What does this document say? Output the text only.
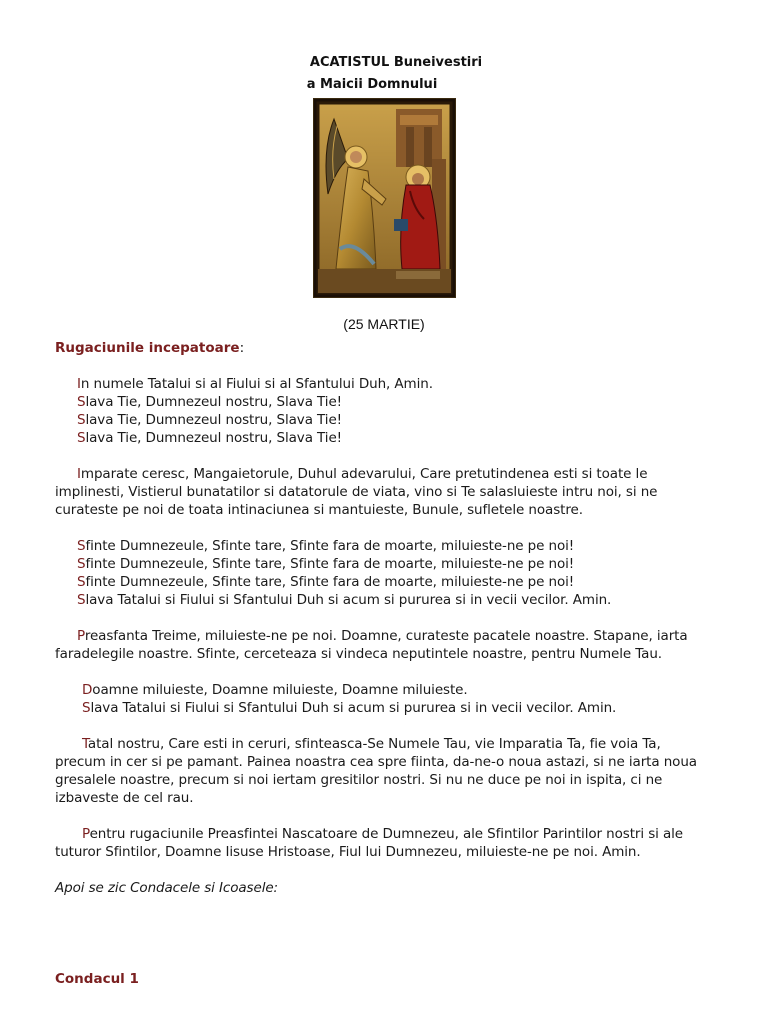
ACATISTUL Buneivestiri
a Maicii Domnului
(25 MARTIE)
Rugaciunile incepatoare:
In numele Tatalui si al Fiului si al Sfantului Duh, Amin.
Slava Tie, Dumnezeul nostru, Slava Tie!
Slava Tie, Dumnezeul nostru, Slava Tie!
Slava Tie, Dumnezeul nostru, Slava Tie!
Imparate ceresc, Mangaietorule, Duhul adevarului, Care pretutindenea esti si toate le
implinesti, Vistierul bunatatilor si datatorule de viata, vino si Te salasluieste intru noi, si ne
curateste pe noi de toata intinaciunea si mantuieste, Bunule, sufletele noastre.
Sfinte Dumnezeule, Sfinte tare, Sfinte fara de moarte, miluieste-ne pe noi!
Sfinte Dumnezeule, Sfinte tare, Sfinte fara de moarte, miluieste-ne pe noi!
Sfinte Dumnezeule, Sfinte tare, Sfinte fara de moarte, miluieste-ne pe noi!
Slava Tatalui si Fiului si Sfantului Duh si acum si pururea si in vecii vecilor. Amin.
Preasfanta Treime, miluieste-ne pe noi. Doamne, curateste pacatele noastre. Stapane, iarta
faradelegile noastre. Sfinte, cerceteaza si vindeca neputintele noastre, pentru Numele Tau.
Doamne miluieste, Doamne miluieste, Doamne miluieste.
Slava Tatalui si Fiului si Sfantului Duh si acum si pururea si in vecii vecilor. Amin.
Tatal nostru, Care esti in ceruri, sfinteasca-Se Numele Tau, vie Imparatia Ta, fie voia Ta,
precum in cer si pe pamant. Painea noastra cea spre fiinta, da-ne-o noua astazi, si ne iarta noua
gresalele noastre, precum si noi iertam gresitilor nostri. Si nu ne duce pe noi in ispita, ci ne
izbaveste de cel rau.
Pentru rugaciunile Preasfintei Nascatoare de Dumnezeu, ale Sfintilor Parintilor nostri si ale
tuturor Sfintilor, Doamne Iisuse Hristoase, Fiul lui Dumnezeu, miluieste-ne pe noi. Amin.
Apoi se zic Condacele si Icoasele:
Condacul 1
